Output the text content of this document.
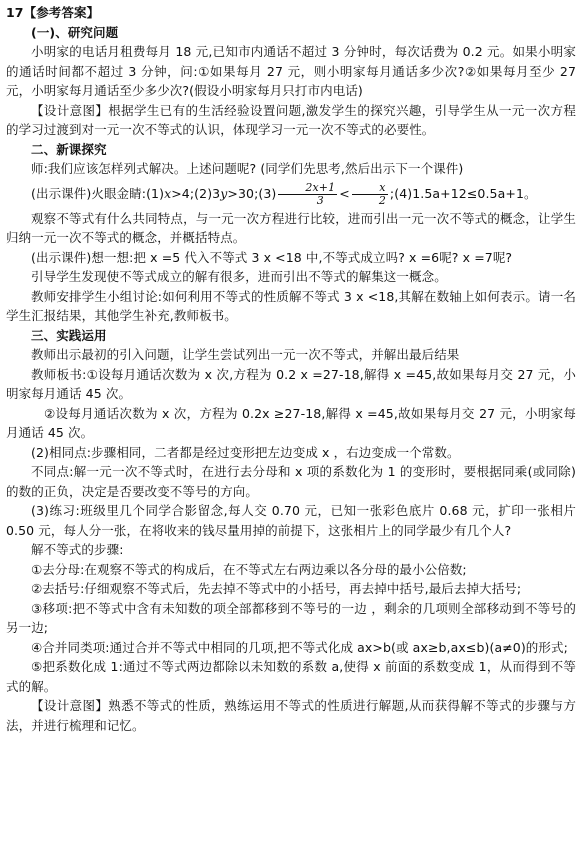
17【参考答案】

(一)、研究问题

小明家的电话月租费每月 18 元,已知市内通话不超过 3 分钟时，每次话费为 0.2 元。如果小明家的通话时间都不超过 3 分钟，问:①如果每月 27 元，则小明家每月通话多少次?②如果每月至少 27 元，小明家每月通话至少多少次?(假设小明家每月只打市内电话)

【设计意图】根据学生已有的生活经验设置问题,激发学生的探究兴趣，引导学生从一元一次方程的学习过渡到对一元一次不等式的认识，体现学习一元一次不等式的必要性。

二、新课探究

师:我们应该怎样列式解决。上述问题呢? (同学们先思考,然后出示下一个课件)

(出示课件)火眼金睛:(1)x>4;(2)3y>30;(3) $\frac{2x+1}{3} < \frac{x}{2}$ ;(4)1.5a+12≤0.5a+1。

观察不等式有什么共同特点，与一元一次方程进行比较，进而引出一元一次不等式的概念，让学生归纳一元一次不等式的概念，并概括特点。

(出示课件)想一想:把 x =5 代入不等式 3 x <18 中,不等式成立吗? x =6呢? x =7呢?

引导学生发现使不等式成立的解有很多，进而引出不等式的解集这一概念。

教师安排学生小组讨论:如何利用不等式的性质解不等式 3 x <18,其解在数轴上如何表示。请一名学生汇报结果，其他学生补充,教师板书。

三、实践运用

教师出示最初的引入问题，让学生尝试列出一元一次不等式，并解出最后结果

教师板书:①设每月通话次数为 x 次,方程为 0.2 x =27-18,解得 x =45,故如果每月交 27 元，小明家每月通话 45 次。

②设每月通话次数为 x 次，方程为 0.2x ≥27-18,解得 x =45,故如果每月交 27 元，小明家每月通话 45 次。

(2)相同点:步骤相同，二者都是经过变形把左边变成 x ，右边变成一个常数。

不同点:解一元一次不等式时，在进行去分母和 x 项的系数化为 1 的变形时，要根据同乘(或同除)的数的正负，决定是否要改变不等号的方向。

(3)练习:班级里几个同学合影留念,每人交 0.70 元，已知一张彩色底片 0.68 元，扩印一张相片 0.50 元，每人分一张，在将收来的钱尽量用掉的前提下，这张相片上的同学最少有几个人?

解不等式的步骤:

①去分母:在观察不等式的构成后，在不等式左右两边乘以各分母的最小公倍数;

②去括号:仔细观察不等式后，先去掉不等式中的小括号，再去掉中括号,最后去掉大括号;

③移项:把不等式中含有未知数的项全部都移到不等号的一边 ，剩余的几项则全部移动到不等号的另一边;

④合并同类项:通过合并不等式中相同的几项,把不等式化成 ax>b(或 ax≥b,ax≤b)(a≠0)的形式;

⑤把系数化成 1:通过不等式两边都除以未知数的系数 a,使得 x 前面的系数变成 1，从而得到不等式的解。

【设计意图】熟悉不等式的性质，熟练运用不等式的性质进行解题,从而获得解不等式的步骤与方法，并进行梳理和记忆。
